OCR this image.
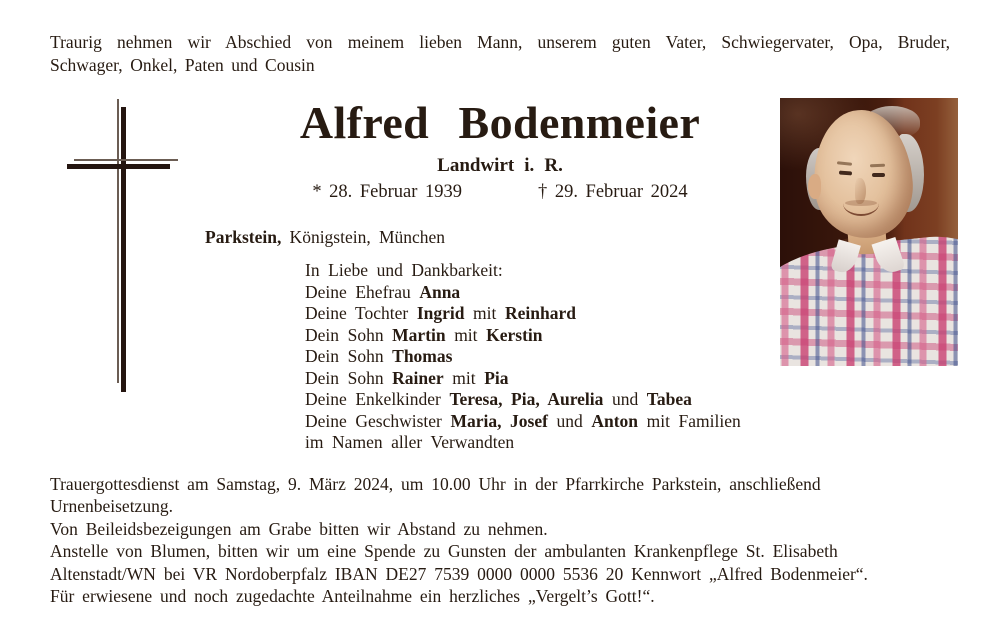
Traurig nehmen wir Abschied von meinem lieben Mann, unserem guten Vater, Schwiegervater, Opa, Bruder,
Schwager, Onkel, Paten und Cousin
Alfred Bodenmeier
Landwirt i. R.
* 28. Februar 1939	† 29. Februar 2024
Parkstein, Königstein, München
In Liebe und Dankbarkeit:
Deine Ehefrau Anna
Deine Tochter Ingrid mit Reinhard
Dein Sohn Martin mit Kerstin
Dein Sohn Thomas
Dein Sohn Rainer mit Pia
Deine Enkelkinder Teresa, Pia, Aurelia und Tabea
Deine Geschwister Maria, Josef und Anton mit Familien
im Namen aller Verwandten
Trauergottesdienst am Samstag, 9. März 2024, um 10.00 Uhr in der Pfarrkirche Parkstein, anschließend
Urnenbeisetzung.
Von Beileidsbezeigungen am Grabe bitten wir Abstand zu nehmen.
Anstelle von Blumen, bitten wir um eine Spende zu Gunsten der ambulanten Krankenpflege St. Elisabeth
Altenstadt/WN bei VR Nordoberpfalz IBAN DE27 7539 0000 0000 5536 20 Kennwort „Alfred Bodenmeier“.
Für erwiesene und noch zugedachte Anteilnahme ein herzliches „Vergelt’s Gott!“.
